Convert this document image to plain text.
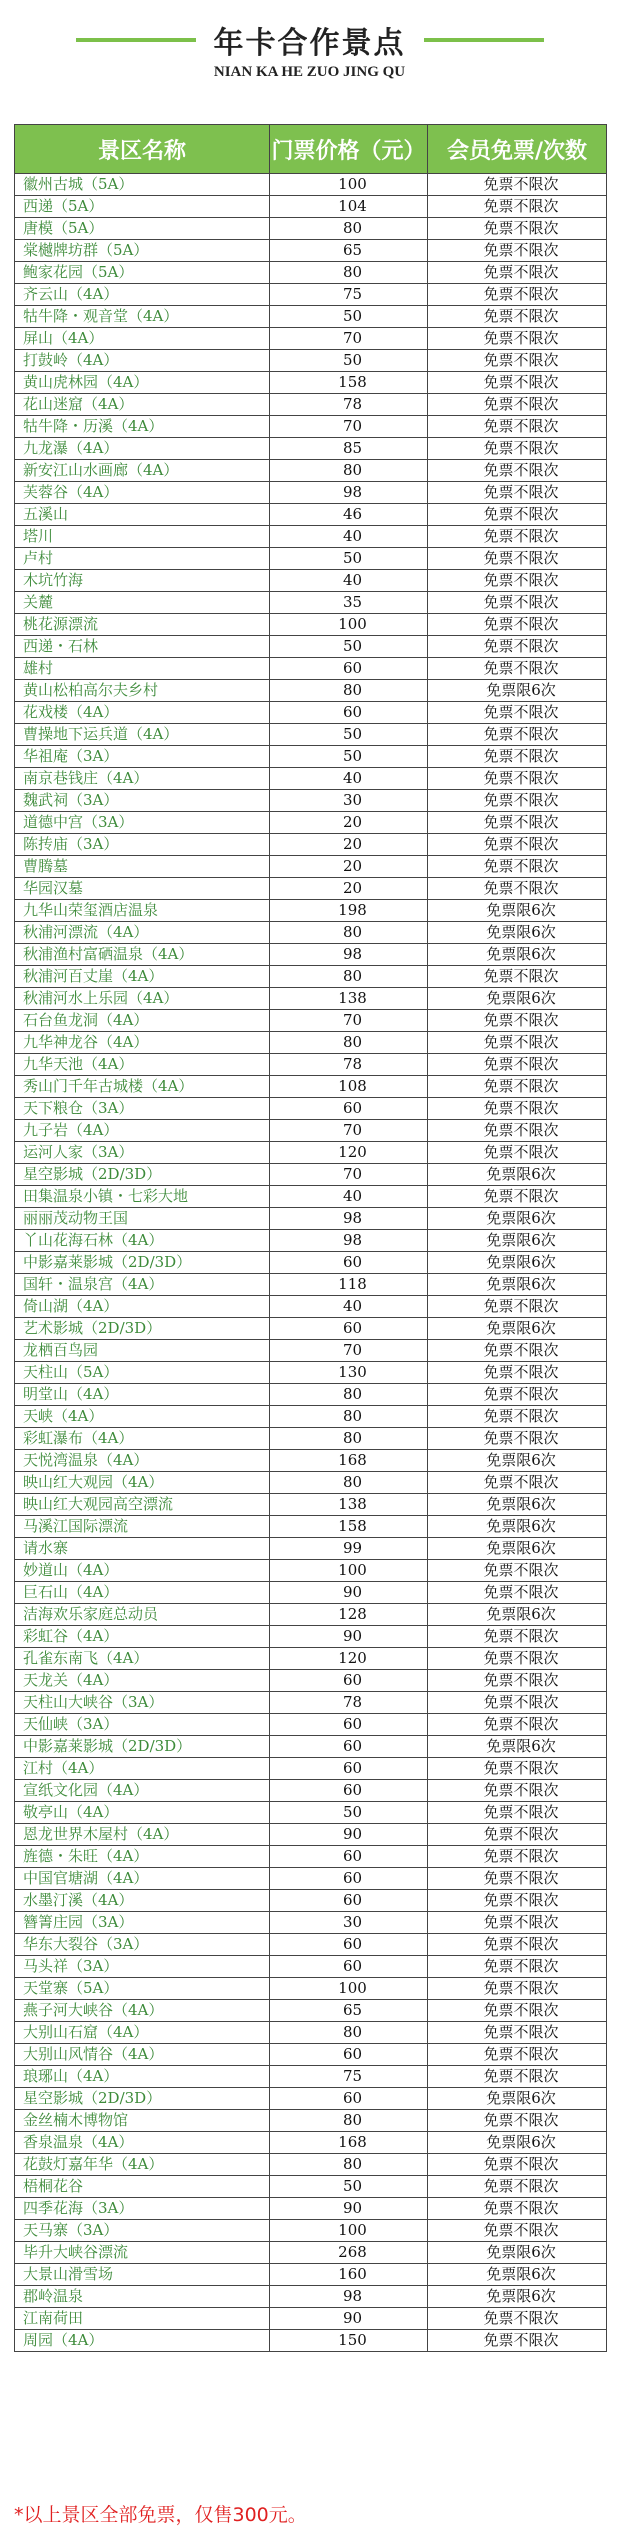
年卡合作景点
NIAN KA HE ZUO JING QU
景区名称	门票价格（元）	会员免票/次数
徽州古城（5A）	100	免票不限次
西递（5A）	104	免票不限次
唐模（5A）	80	免票不限次
棠樾牌坊群（5A）	65	免票不限次
鲍家花园（5A）	80	免票不限次
齐云山（4A）	75	免票不限次
牯牛降・观音堂（4A）	50	免票不限次
屏山（4A）	70	免票不限次
打鼓岭（4A）	50	免票不限次
黄山虎林园（4A）	158	免票不限次
花山迷窟（4A）	78	免票不限次
牯牛降・历溪（4A）	70	免票不限次
九龙瀑（4A）	85	免票不限次
新安江山水画廊（4A）	80	免票不限次
芙蓉谷（4A）	98	免票不限次
五溪山	46	免票不限次
塔川	40	免票不限次
卢村	50	免票不限次
木坑竹海	40	免票不限次
关麓	35	免票不限次
桃花源漂流	100	免票不限次
西递・石林	50	免票不限次
雄村	60	免票不限次
黄山松柏高尔夫乡村	80	免票限6次
花戏楼（4A）	60	免票不限次
曹操地下运兵道（4A）	50	免票不限次
华祖庵（3A）	50	免票不限次
南京巷钱庄（4A）	40	免票不限次
魏武祠（3A）	30	免票不限次
道德中宫（3A）	20	免票不限次
陈抟庙（3A）	20	免票不限次
曹腾墓	20	免票不限次
华园汉墓	20	免票不限次
九华山荣玺酒店温泉	198	免票限6次
秋浦河漂流（4A）	80	免票限6次
秋浦渔村富硒温泉（4A）	98	免票限6次
秋浦河百丈崖（4A）	80	免票不限次
秋浦河水上乐园（4A）	138	免票限6次
石台鱼龙洞（4A）	70	免票不限次
九华神龙谷（4A）	80	免票不限次
九华天池（4A）	78	免票不限次
秀山门千年古城楼（4A）	108	免票不限次
天下粮仓（3A）	60	免票不限次
九子岩（4A）	70	免票不限次
运河人家（3A）	120	免票不限次
星空影城（2D/3D）	70	免票限6次
田集温泉小镇・七彩大地	40	免票不限次
丽丽茂动物王国	98	免票限6次
丫山花海石林（4A）	98	免票限6次
中影嘉莱影城（2D/3D）	60	免票限6次
国轩・温泉宫（4A）	118	免票限6次
倚山湖（4A）	40	免票不限次
艺术影城（2D/3D）	60	免票限6次
龙栖百鸟园	70	免票不限次
天柱山（5A）	130	免票不限次
明堂山（4A）	80	免票不限次
天峡（4A）	80	免票不限次
彩虹瀑布（4A）	80	免票不限次
天悦湾温泉（4A）	168	免票限6次
映山红大观园（4A）	80	免票不限次
映山红大观园高空漂流	138	免票限6次
马溪江国际漂流	158	免票限6次
请水寨	99	免票限6次
妙道山（4A）	100	免票不限次
巨石山（4A）	90	免票不限次
洁海欢乐家庭总动员	128	免票限6次
彩虹谷（4A）	90	免票不限次
孔雀东南飞（4A）	120	免票不限次
天龙关（4A）	60	免票不限次
天柱山大峡谷（3A）	78	免票不限次
天仙峡（3A）	60	免票不限次
中影嘉莱影城（2D/3D）	60	免票限6次
江村（4A）	60	免票不限次
宣纸文化园（4A）	60	免票不限次
敬亭山（4A）	50	免票不限次
恩龙世界木屋村（4A）	90	免票不限次
旌德・朱旺（4A）	60	免票不限次
中国官塘湖（4A）	60	免票不限次
水墨汀溪（4A）	60	免票不限次
簪箐庄园（3A）	30	免票不限次
华东大裂谷（3A）	60	免票不限次
马头祥（3A）	60	免票不限次
天堂寨（5A）	100	免票不限次
燕子河大峡谷（4A）	65	免票不限次
大别山石窟（4A）	80	免票不限次
大别山风情谷（4A）	60	免票不限次
琅琊山（4A）	75	免票不限次
星空影城（2D/3D）	60	免票限6次
金丝楠木博物馆	80	免票不限次
香泉温泉（4A）	168	免票限6次
花鼓灯嘉年华（4A）	80	免票不限次
梧桐花谷	50	免票不限次
四季花海（3A）	90	免票不限次
天马寨（3A）	100	免票不限次
毕升大峡谷漂流	268	免票限6次
大景山滑雪场	160	免票限6次
郡岭温泉	98	免票限6次
江南荷田	90	免票不限次
周园（4A）	150	免票不限次
*以上景区全部免票，仅售300元。
